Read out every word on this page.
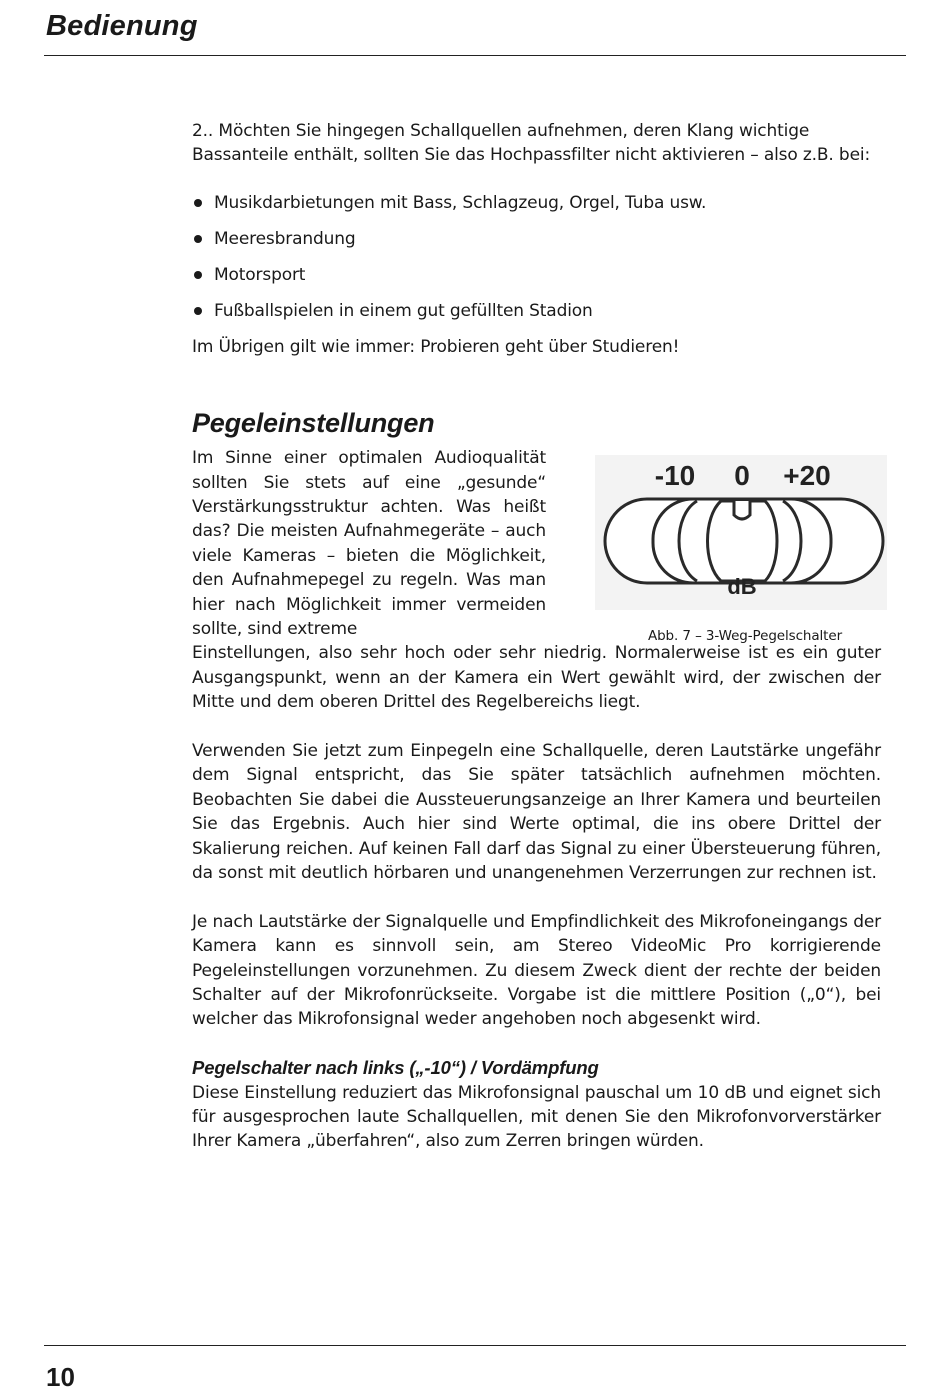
Bedienung

2.. Möchten Sie hingegen Schallquellen aufnehmen, deren Klang wichtige Bassanteile enthält, sollten Sie das Hochpassfilter nicht aktivieren – also z.B. bei:

Musikdarbietungen mit Bass, Schlagzeug, Orgel, Tuba usw.
Meeresbrandung
Motorsport
Fußballspielen in einem gut gefüllten Stadion

Im Übrigen gilt wie immer: Probieren geht über Studieren!

Pegeleinstellungen

Im Sinne einer optimalen Audioqualität sollten Sie stets auf eine „gesunde“ Verstärkungsstruktur achten. Was heißt das? Die meisten Aufnahmegeräte – auch viele Kameras – bieten die Möglichkeit, den Aufnahmepegel zu regeln. Was man hier nach Möglichkeit immer vermeiden sollte, sind extreme

Einstellungen, also sehr hoch oder sehr niedrig. Normalerweise ist es ein guter Ausgangspunkt, wenn an der Kamera ein Wert gewählt wird, der zwischen der Mitte und dem oberen Drittel des Regelbereichs liegt.

Verwenden Sie jetzt zum Einpegeln eine Schallquelle, deren Lautstärke ungefähr dem Signal entspricht, das Sie später tatsächlich aufnehmen möchten. Beobachten Sie dabei die Aussteuerungsanzeige an Ihrer Kamera und beurteilen Sie das Ergebnis. Auch hier sind Werte optimal, die ins obere Drittel der Skalierung reichen. Auf keinen Fall darf das Signal zu einer Übersteuerung führen, da sonst mit deutlich hörbaren und unangenehmen Verzerrungen zur rechnen ist.

Je nach Lautstärke der Signalquelle und Empfindlichkeit des Mikrofoneingangs der Kamera kann es sinnvoll sein, am Stereo VideoMic Pro korrigierende Pegeleinstellungen vorzunehmen. Zu diesem Zweck dient der rechte der beiden Schalter auf der Mikrofonrückseite. Vorgabe ist die mittlere Position („0“), bei welcher das Mikrofonsignal weder angehoben noch abgesenkt wird.

Pegelschalter nach links („-10“) / Vordämpfung

Diese Einstellung reduziert das Mikrofonsignal pauschal um 10 dB und eignet sich für ausgesprochen laute Schallquellen, mit denen Sie den Mikrofonvorverstärker Ihrer Kamera „überfahren“, also zum Zerren bringen würden.

-10 0 +20
dB
Abb. 7 – 3-Weg-Pegelschalter
10
